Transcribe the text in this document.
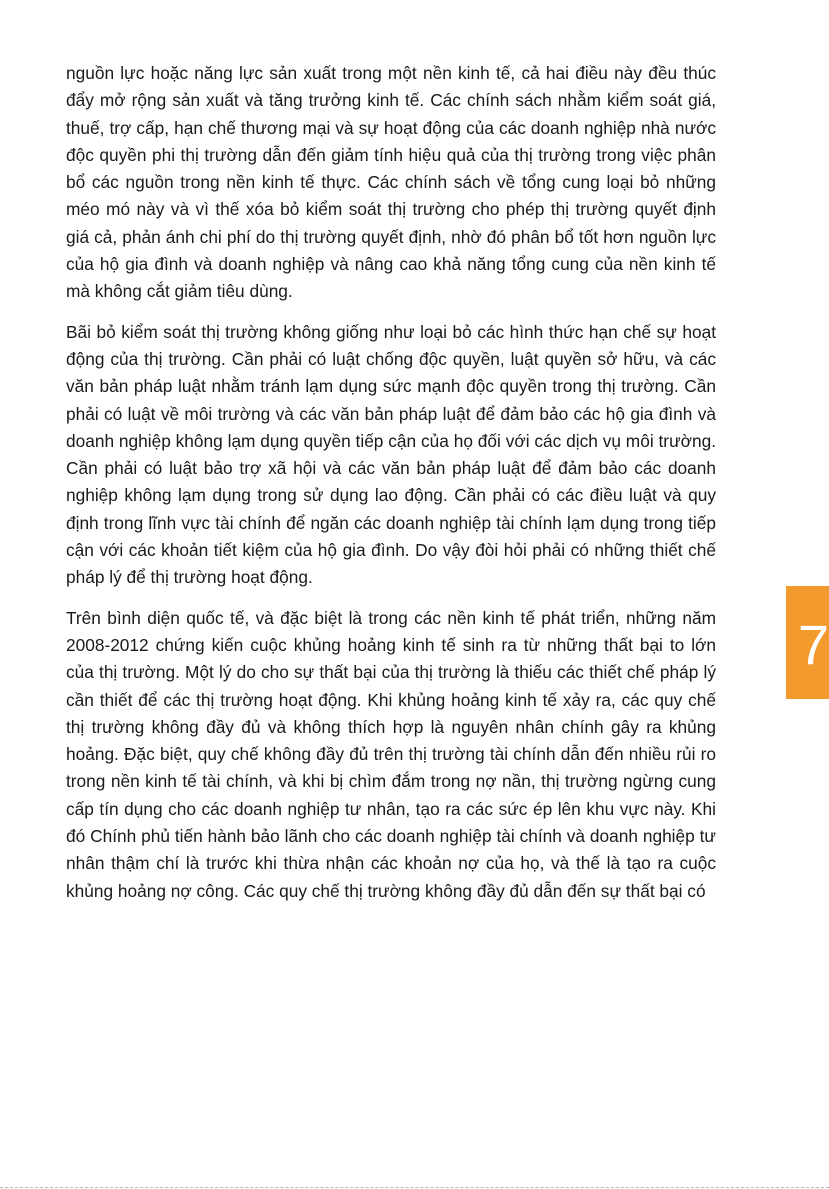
nguồn lực hoặc năng lực sản xuất trong một nền kinh tế, cả hai điều này đều thúc đẩy mở rộng sản xuất và tăng trưởng kinh tế. Các chính sách nhằm kiểm soát giá, thuế, trợ cấp, hạn chế thương mại và sự hoạt động của các doanh nghiệp nhà nước độc quyền phi thị trường dẫn đến giảm tính hiệu quả của thị trường trong việc phân bổ các nguồn trong nền kinh tế thực. Các chính sách về tổng cung loại bỏ những méo mó này và vì thế xóa bỏ kiểm soát thị trường cho phép thị trường quyết định giá cả, phản ánh chi phí do thị trường quyết định, nhờ đó phân bổ tốt hơn nguồn lực của hộ gia đình và doanh nghiệp và nâng cao khả năng tổng cung của nền kinh tế mà không cắt giảm tiêu dùng.

Bãi bỏ kiểm soát thị trường không giống như loại bỏ các hình thức hạn chế sự hoạt động của thị trường. Cần phải có luật chống độc quyền, luật quyền sở hữu, và các văn bản pháp luật nhằm tránh lạm dụng sức mạnh độc quyền trong thị trường. Cần phải có luật về môi trường và các văn bản pháp luật để đảm bảo các hộ gia đình và doanh nghiệp không lạm dụng quyền tiếp cận của họ đối với các dịch vụ môi trường. Cần phải có luật bảo trợ xã hội và các văn bản pháp luật để đảm bảo các doanh nghiệp không lạm dụng trong sử dụng lao động. Cần phải có các điều luật và quy định trong lĩnh vực tài chính để ngăn các doanh nghiệp tài chính lạm dụng trong tiếp cận với các khoản tiết kiệm của hộ gia đình. Do vậy đòi hỏi phải có những thiết chế pháp lý để thị trường hoạt động.

Trên bình diện quốc tế, và đặc biệt là trong các nền kinh tế phát triển, những năm 2008-2012 chứng kiến cuộc khủng hoảng kinh tế sinh ra từ những thất bại to lớn của thị trường. Một lý do cho sự thất bại của thị trường là thiếu các thiết chế pháp lý cần thiết để các thị trường hoạt động. Khi khủng hoảng kinh tế xảy ra, các quy chế thị trường không đầy đủ và không thích hợp là nguyên nhân chính gây ra khủng hoảng. Đặc biệt, quy chế không đầy đủ trên thị trường tài chính dẫn đến nhiều rủi ro trong nền kinh tế tài chính, và khi bị chìm đắm trong nợ nần, thị trường ngừng cung cấp tín dụng cho các doanh nghiệp tư nhân, tạo ra các sức ép lên khu vực này. Khi đó Chính phủ tiến hành bảo lãnh cho các doanh nghiệp tài chính và doanh nghiệp tư nhân thậm chí là trước khi thừa nhận các khoản nợ của họ, và thế là tạo ra cuộc khủng hoảng nợ công. Các quy chế thị trường không đầy đủ dẫn đến sự thất bại có

7
